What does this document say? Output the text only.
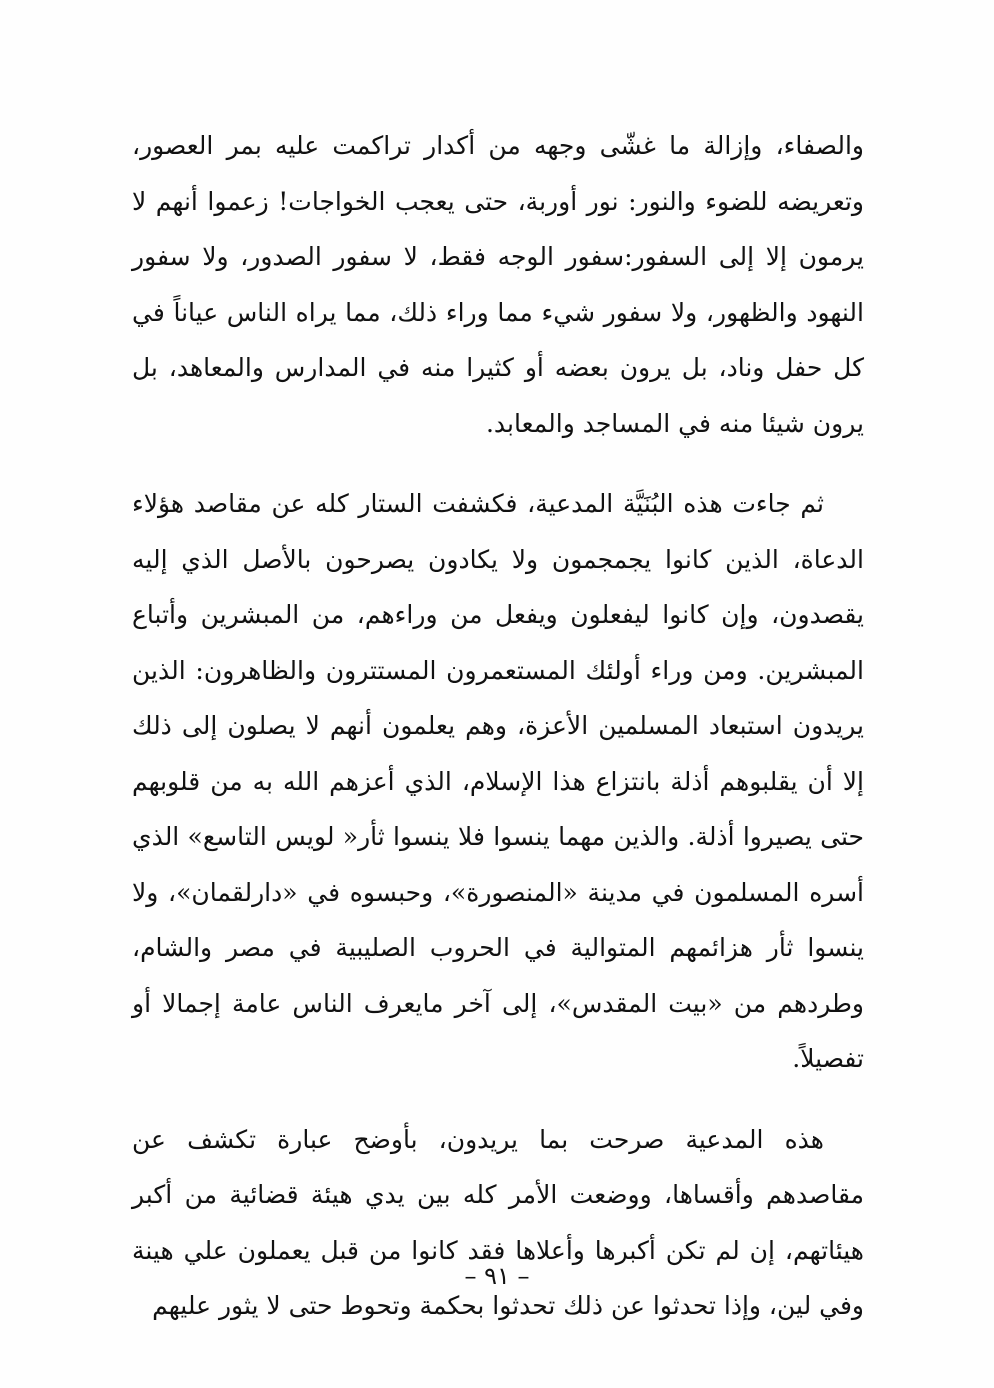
والصفاء، وإزالة ما غشّى وجهه من أكدار تراكمت عليه بمر العصور، وتعريضه للضوء والنور: نور أوربة، حتى يعجب الخواجات! زعموا أنهم لا يرمون إلا إلى السفور:سفور الوجه فقط، لا سفور الصدور، ولا سفور النهود والظهور، ولا سفور شيء مما وراء ذلك، مما يراه الناس عياناً في كل حفل وناد، بل يرون بعضه أو كثيرا منه في المدارس والمعاهد، بل يرون شيئا منه في المساجد والمعابد.

ثم جاءت هذه البُنَيَّة المدعية، فكشفت الستار كله عن مقاصد هؤلاء الدعاة، الذين كانوا يجمجمون ولا يكادون يصرحون بالأصل الذي إليه يقصدون، وإن كانوا ليفعلون ويفعل من وراءهم، من المبشرين وأتباع المبشرين. ومن وراء أولئك المستعمرون المستترون والظاهرون: الذين يريدون استبعاد المسلمين الأعزة، وهم يعلمون أنهم لا يصلون إلى ذلك إلا أن يقلبوهم أذلة بانتزاع هذا الإسلام، الذي أعزهم الله به من قلوبهم حتى يصيروا أذلة. والذين مهما ينسوا فلا ينسوا ثأر« لويس التاسع» الذي أسره المسلمون في مدينة «المنصورة»، وحبسوه في «دارلقمان»، ولا ينسوا ثأر هزائمهم المتوالية في الحروب الصليبية في مصر والشام، وطردهم من «بيت المقدس»، إلى آخر مايعرف الناس عامة إجمالا أو تفصيلاً.

هذه المدعية صرحت بما يريدون، بأوضح عبارة تكشف عن مقاصدهم وأقساها، ووضعت الأمر كله بين يدي هيئة قضائية من أكبر هيئاتهم، إن لم تكن أكبرها وأعلاها فقد كانوا من قبل يعملون علي هينة وفي لين، وإذا تحدثوا عن ذلك تحدثوا بحكمة وتحوط حتى لا يثور عليهم

– ٩١ –
